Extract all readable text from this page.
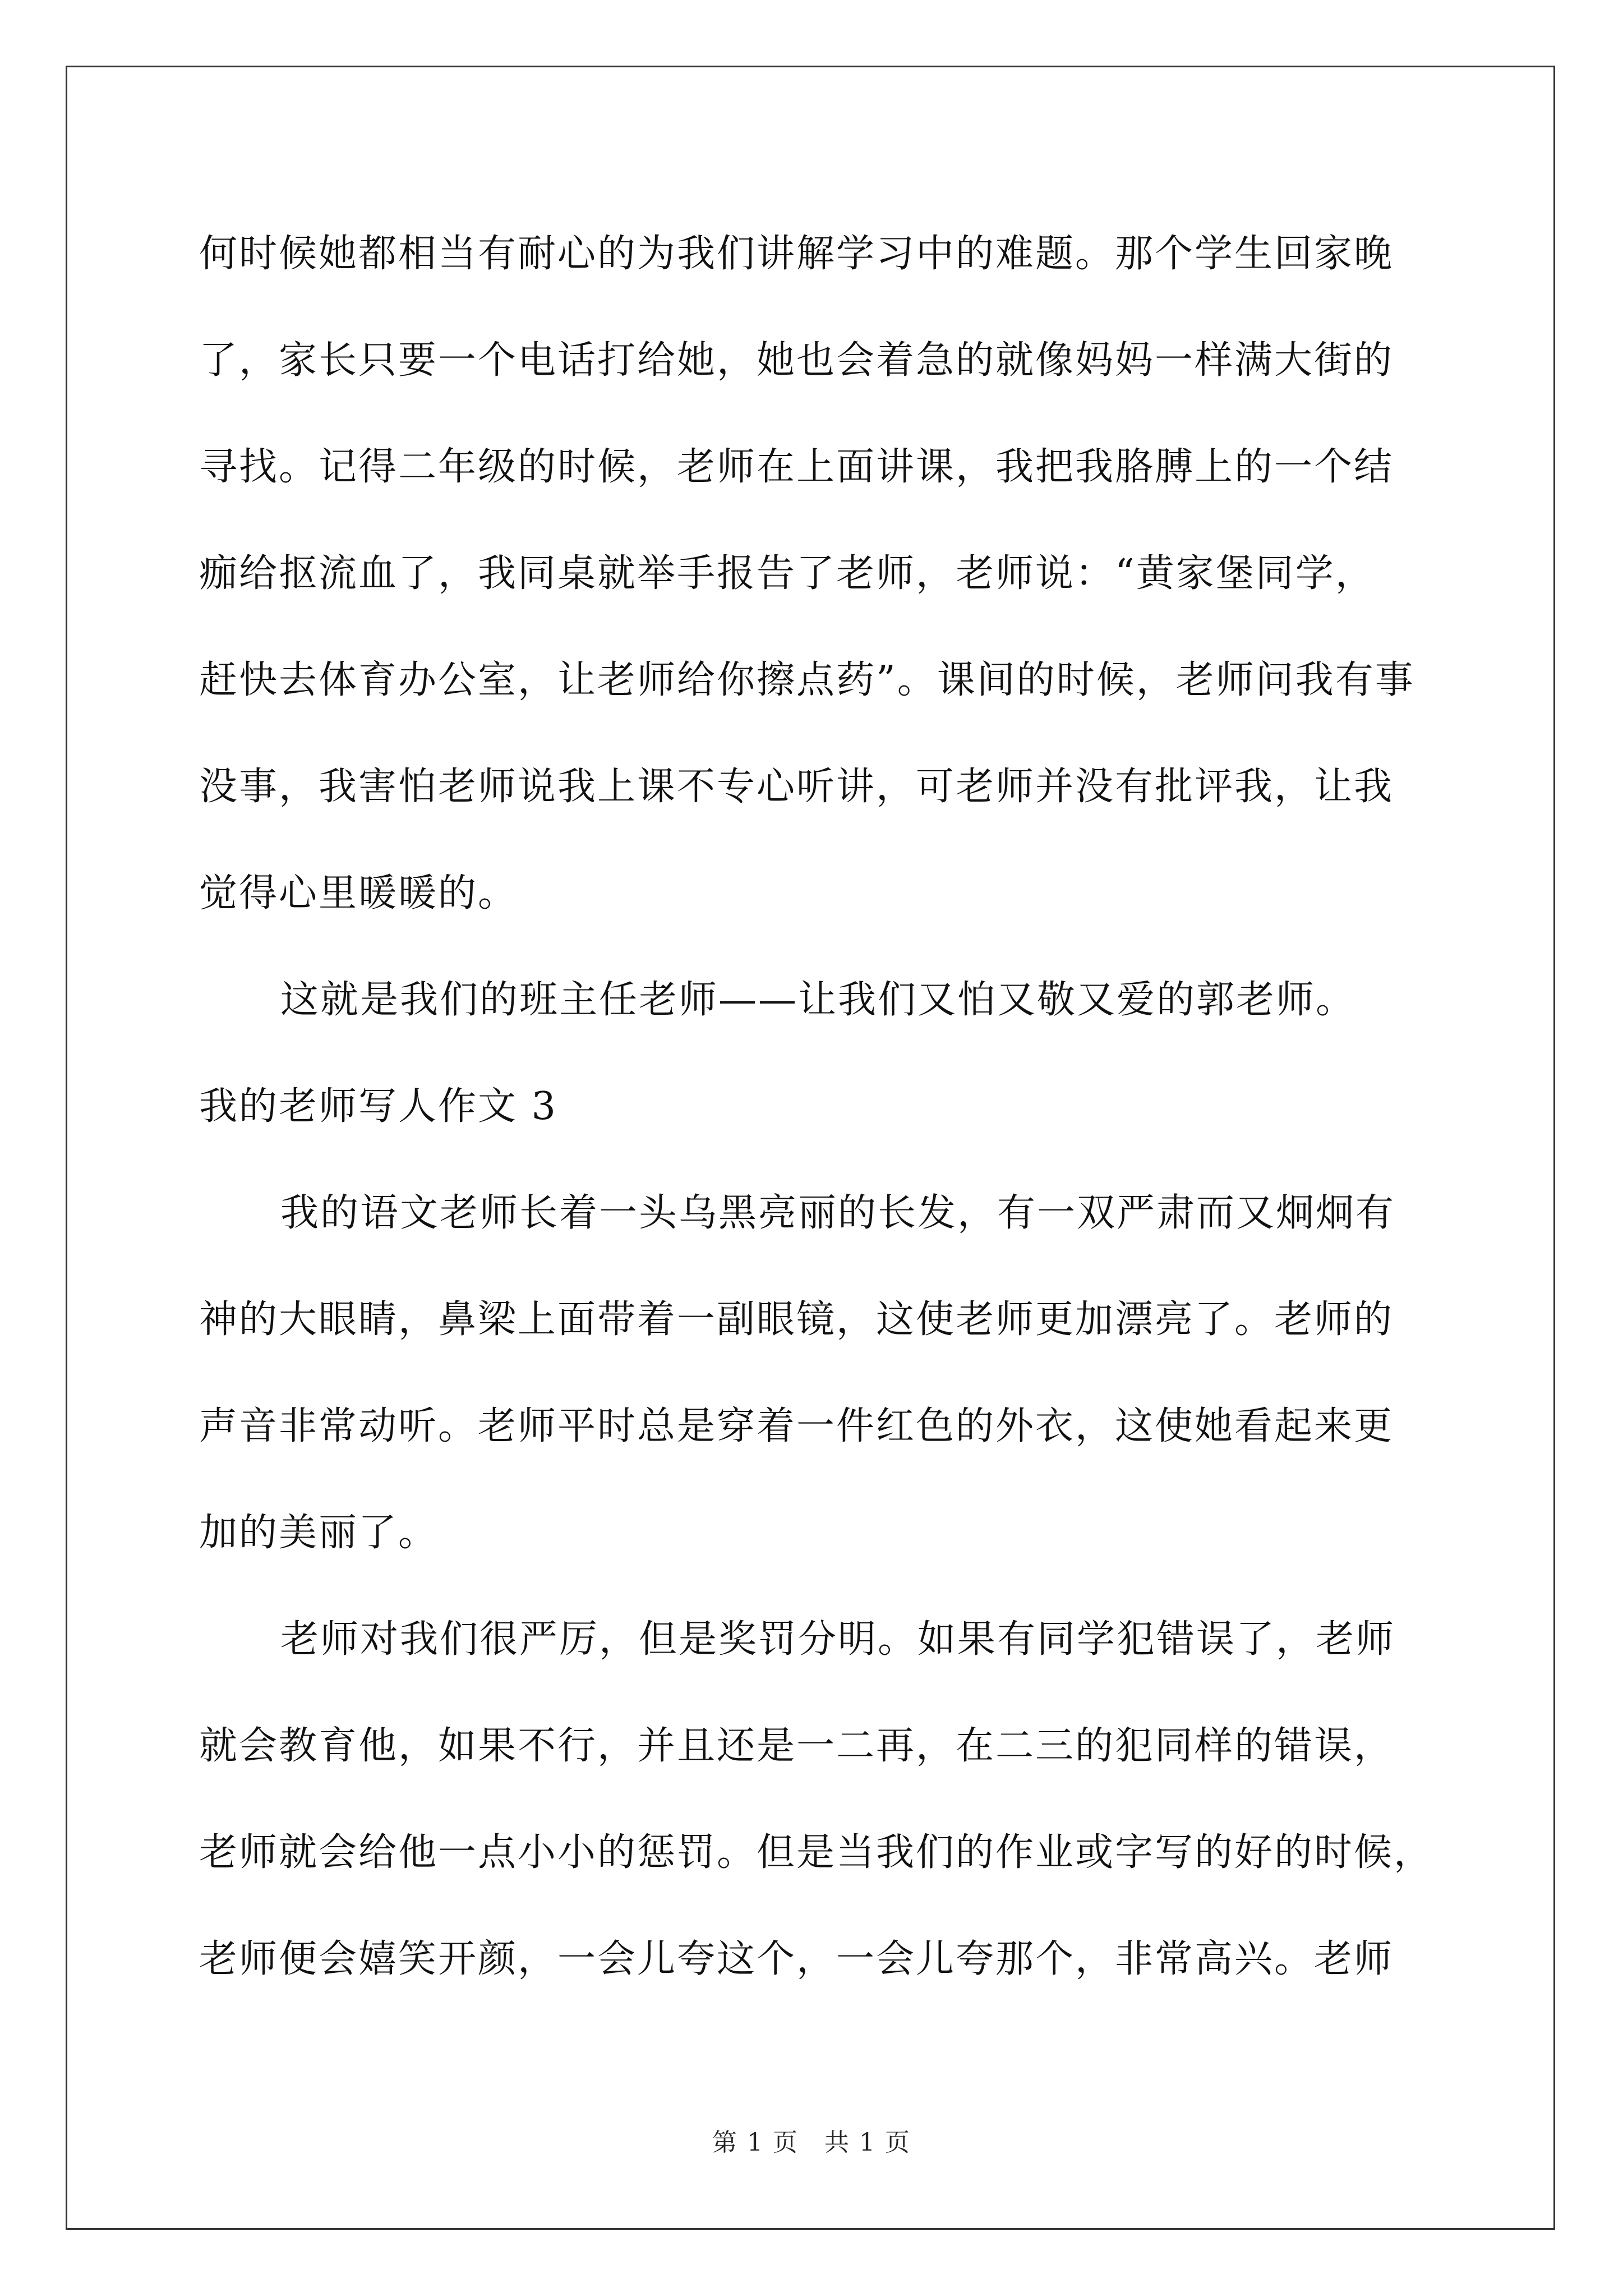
何时候她都相当有耐心的为我们讲解学习中的难题。那个学生回家晚
了，家长只要一个电话打给她，她也会着急的就像妈妈一样满大街的
寻找。记得二年级的时候，老师在上面讲课，我把我胳膊上的一个结
痂给抠流血了，我同桌就举手报告了老师，老师说：“黄家堡同学，
赶快去体育办公室，让老师给你擦点药”。课间的时候，老师问我有事
没事，我害怕老师说我上课不专心听讲，可老师并没有批评我，让我
觉得心里暖暖的。
这就是我们的班主任老师——让我们又怕又敬又爱的郭老师。
我的老师写人作文 3
我的语文老师长着一头乌黑亮丽的长发，有一双严肃而又炯炯有
神的大眼睛，鼻梁上面带着一副眼镜，这使老师更加漂亮了。老师的
声音非常动听。老师平时总是穿着一件红色的外衣，这使她看起来更
加的美丽了。
老师对我们很严厉，但是奖罚分明。如果有同学犯错误了，老师
就会教育他，如果不行，并且还是一二再，在二三的犯同样的错误，
老师就会给他一点小小的惩罚。但是当我们的作业或字写的好的时候，
老师便会嬉笑开颜，一会儿夸这个，一会儿夸那个，非常高兴。老师
第 1 页　共 1 页
